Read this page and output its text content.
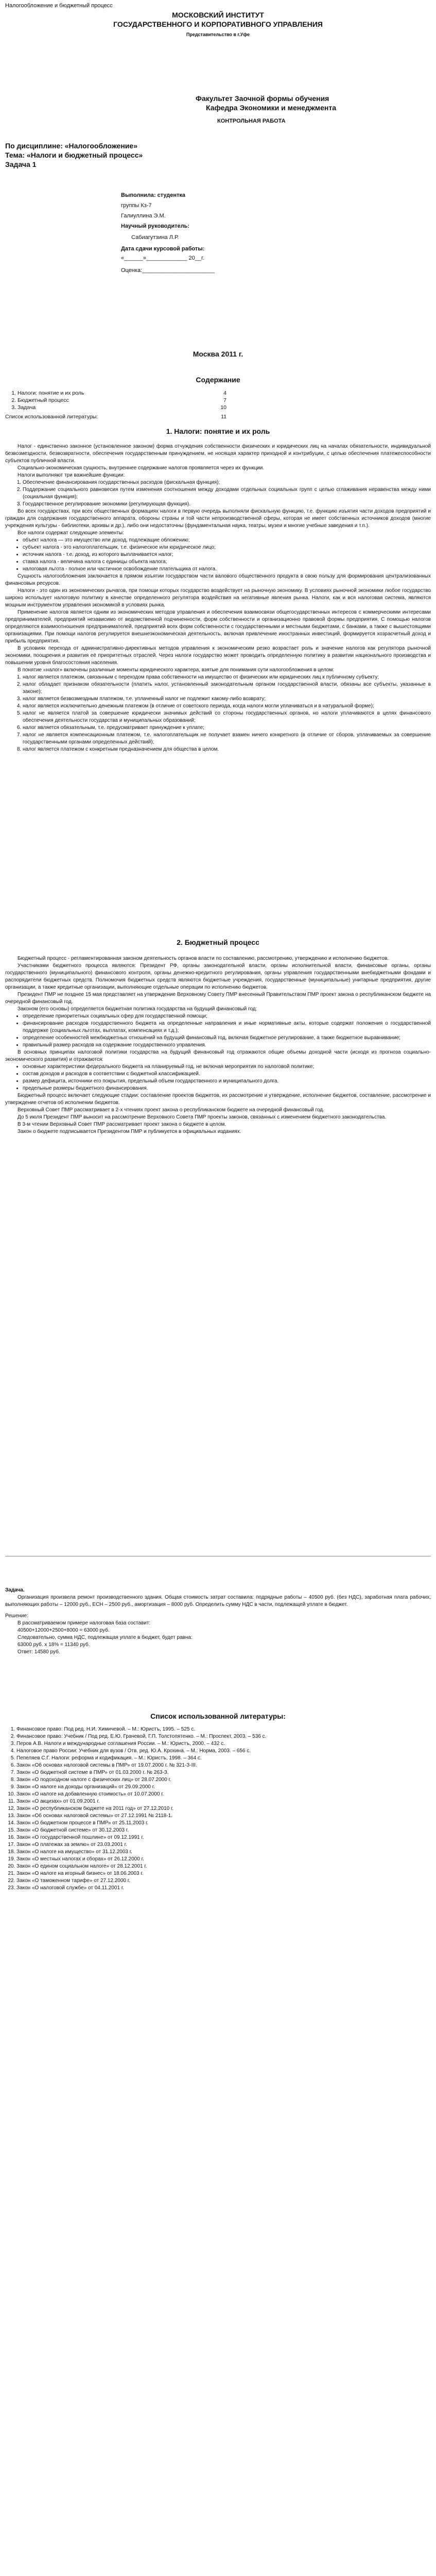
Налогообложение и бюджетный процесс
МОСКОВСКИЙ ИНСТИТУТ
ГОСУДАРСТВЕННОГО И КОРПОРАТИВНОГО УПРАВЛЕНИЯ
Представительство в г.Уфе
Факультет Заочной формы обучения
Кафедра Экономики и менеджмента
КОНТРОЛЬНАЯ РАБОТА
По дисциплине: «Налогообложение»
Тема: «Налоги и бюджетный процесс»
Задача 1
Выполнила: студентка
группы Кз-7
Галиуллина Э.М.
Научный руководитель:
Сабиагутзина Л.Р.
Дата сдачи курсовой работы:
«______»_____________ 20__г.
Оценка:_______________________
Москва 2011 г.
Содержание
1. Налоги: понятие и их роль	4
2. Бюджетный процесс	7
3. Задача	10
Список использованной литературы:	11
1. Налоги: понятие и их роль

Налог - единственно законное (установленное законом) форма отчуждения собственности физических и юридических лиц на началах обязательности, индивидуальной безвозмездности, безвозвратности, обеспечения государственным принуждением, не носящая характер приходной и контрибуции, с целью обеспечения платежеспособности субъектов публичной власти.

Социально-экономическая сущность, внутреннее содержание налогов проявляется через их функции.

Налоги выполняют три важнейшие функции:

1. Обеспечение финансирования государственных расходов (фискальная функция);
2. Поддержание социального равновесия путем изменения соотношения между доходами отдельных социальных групп с целью сглаживания неравенства между ними (социальная функция);
3. Государственное регулирование экономики (регулирующая функция).

Во всех государствах, при всех общественных формациях налоги в первую очередь выполняли фискальную функцию, т.е. функцию изъятия части доходов предприятий и граждан для содержания государственного аппарата, обороны страны и той части непроизводственной сферы, которая не имеет собственных источников доходов (многие учреждения культуры - библиотеки, архивы и др.), либо они недостаточны (фундаментальная наука, театры, музеи и многие учебные заведения и т.п.).

Все налоги содержат следующие элементы:

• объект налога — это имущество или доход, подлежащие обложению;
• субъект налога - это налогоплательщик, т.е. физическое или юридическое лицо;
• источник налога - т.е. доход, из которого выплачивается налог;
• ставка налога - величина налога с единицы объекта налога;
• налоговая льгота - полное или частичное освобождение плательщика от налога.

Сущность налогообложения заключается в прямом изъятии государством части валового общественного продукта в свою пользу для формирования централизованных финансовых ресурсов.

Налоги - это один из экономических рычагов, при помощи которых государство воздействует на рыночную экономику. В условиях рыночной экономики любое государство широко использует налоговую политику в качестве определенного регулятора воздействия на негативные явления рынка. Налоги, как и вся налоговая система, являются мощным инструментом управления экономикой в условиях рынка.

Применение налогов является одним из экономических методов управления и обеспечения взаимосвязи общегосударственных интересов с коммерческими интересами предпринимателей, предприятий независимо от ведомственной подчиненности, форм собственности и организационно правовой формы предприятия. С помощью налогов определяются взаимоотношения предпринимателей, предприятий всех форм собственности с государственными и местными бюджетами, с банками, а также с вышестоящими организациями. При помощи налогов регулируется внешнеэкономическая деятельность, включая привлечение иностранных инвестиций, формируется хозрасчетный доход и прибыль предприятия.

В условиях перехода от административно-директивных методов управления к экономическим резко возрастает роль и значение налогов как регулятора рыночной экономики, поощрения и развития её приоритетных отраслей. Через налоги государство может проводить определенную политику в развитии национального производства и повышении уровня благосостояния населения.

В понятие «налог» включены различные моменты юридического характера, взятые для понимания сути налогообложения в целом:

1. налог является платежом, связанным с переходом права собственности на имущество от физических или юридических лиц к публичному субъекту;
2. налог обладает признаком обязательности (платить налог, установленный законодательным органом государственной власти, обязаны все субъекты, указанные в законе);
3. налог является безвозмездным платежом, т.е. уплаченный налог не подлежит какому-либо возврату;
4. налог является исключительно денежным платежом (в отличие от советского периода, когда налоги могли уплачиваться и в натуральной форме);
5. налог не является платой за совершение юридически значимых действий со стороны государственных органов, но налоги уплачиваются в целях финансового обеспечения деятельности государства и муниципальных образований;
6. налог является обязательным, т.е. предусматривает принуждение к уплате;
7. налог не является компенсационным платежом, т.е. налогоплательщик не получает взамен ничего конкретного (в отличие от сборов, уплачиваемых за совершение государственными органами определенных действий);
8. налог является платежом с конкретным предназначением для общества в целом.
2. Бюджетный процесс

Бюджетный процесс - регламентированная законом деятельность органов власти по составлению, рассмотрению, утверждению и исполнению бюджетов.

Участниками бюджетного процесса являются: Президент РФ, органы законодательной власти, органы исполнительной власти, финансовые органы, органы государственного (муниципального) финансового контроля, органы денежно-кредитного регулирования, органы управления государственными внебюджетными фондами и распорядители бюджетных средств. Полномочия бюджетных средств являются бюджетные учреждения, государственные (муниципальные) унитарные предприятия, другие организации, а также кредитные организации, выполняющие отдельные операции по исполнению бюджетов.

Президент ПМР не позднее 15 мая представляет на утверждение Верховному Совету ПМР внесенный Правительством ПМР проект закона о республиканском бюджете на очередной финансовый год.

Законом (его основы) определяется бюджетная политика государства на будущий финансовый год:

• определение приоритетных социальных сфер для государственной помощи;
• финансирование расходов государственного бюджета на определенные направления и иные нормативные акты, которые содержат положения о государственной поддержке (социальных льготах, выплатах, компенсациях и т.д.);
• определение особенностей межбюджетных отношений на будущий финансовый год, включая бюджетное регулирование, а также бюджетное выравнивание;
• правильный размер расходов на содержание государственного управления.

В основных принципах налоговой политики государства на будущий финансовый год отражаются общие объемы доходной части (исходя из прогноза социально-экономического развития) и отражаются:

• основные характеристики федерального бюджета на планируемый год, не включая мероприятия по налоговой политике;
• состав доходов и расходов в соответствии с бюджетной классификацией.
• размер дефицита, источники его покрытия, предельный объем государственного и муниципального долга.
• предельные размеры бюджетного финансирования.

Бюджетный процесс включает следующие стадии: составление проектов бюджетов, их рассмотрение и утверждение, исполнение бюджетов, составление, рассмотрение и утверждение отчетов об исполнении бюджетов.

Верховный Совет ПМР рассматривает в 2-х чтениях проект закона о республиканском бюджете на очередной финансовый год.

До 5 июля Президент ПМР выносит на рассмотрение Верховного Совета ПМР проекты законов, связанных с изменением бюджетного законодательства.

В 3-м чтении Верховный Совет ПМР рассматривает проект закона о бюджете в целом.

Закон о бюджете подписывается Президентом ПМР и публикуется в официальных изданиях.

Задача.

Организация произвела ремонт производственного здания. Общая стоимость затрат составила: подрядные работы – 40500 руб. (без НДС), заработная плата рабочих, выполняющих работы – 12000 руб., ЕСН – 2500 руб., амортизация – 8000 руб. Определить сумму НДС в части, подлежащей уплате в бюджет.

Решение:

В рассматриваемом примере налоговая база составит:

40500+12000+2500+8000 = 63000 руб.

Следовательно, сумма НДС, подлежащая уплате в бюджет, будет равна:

63000 руб. х 18% = 11340 руб.

Ответ: 14580 руб.

Список использованной литературы:
1. Финансовое право: Под ред. Н.И. Химичевой. – М.: Юристъ, 1995. – 525 с.
2. Финансовое право: Учебник / Под ред. Е.Ю. Грачевой, Г.П. Толстопятенко. – М.: Проспект, 2003. – 536 с.
3. Перов А.В. Налоги и международные соглашения России. – М.: Юристъ, 2000. – 432 с.
4. Налоговое право России: Учебник для вузов / Отв. ред. Ю.А. Крохина. – М.: Норма, 2003. – 656 с.
5. Пепеляев С.Г. Налоги: реформа и кодификация. – М.: Юристъ, 1998. – 364 с.
6. Закон «Об основах налоговой системы в ПМР» от 19.07.2000 г. № 321-З-III.
7. Закон «О бюджетной системе в ПМР» от 01.03.2000 г. № 263-З.
8. Закон «О подоходном налоге с физических лиц» от 28.07.2000 г.
9. Закон «О налоге на доходы организаций» от 29.09.2000 г.
10. Закон «О налоге на добавленную стоимость» от 10.07.2000 г.
11. Закон «О акцизах» от 01.09.2001 г.
12. Закон «О республиканском бюджете на 2011 год» от 27.12.2010 г.
13. Закон «Об основах налоговой системы» от 27.12.1991 № 2118-1.
14. Закон «О бюджетном процессе в ПМР» от 25.11.2003 г.
15. Закон «О бюджетной системе» от 30.12.2003 г.
16. Закон «О государственной пошлине» от 09.12.1991 г.
17. Закон «О платежах за землю» от 23.03.2001 г.
18. Закон «О налоге на имущество» от 31.12.2003 г.
19. Закон «О местных налогах и сборах» от 26.12.2000 г.
20. Закон «О едином социальном налоге» от 28.12.2001 г.
21. Закон «О налоге на игорный бизнес» от 18.06.2003 г.
22. Закон «О таможенном тарифе» от 27.12.2000 г.
23. Закон «О налоговой службе» от 04.11.2001 г.
